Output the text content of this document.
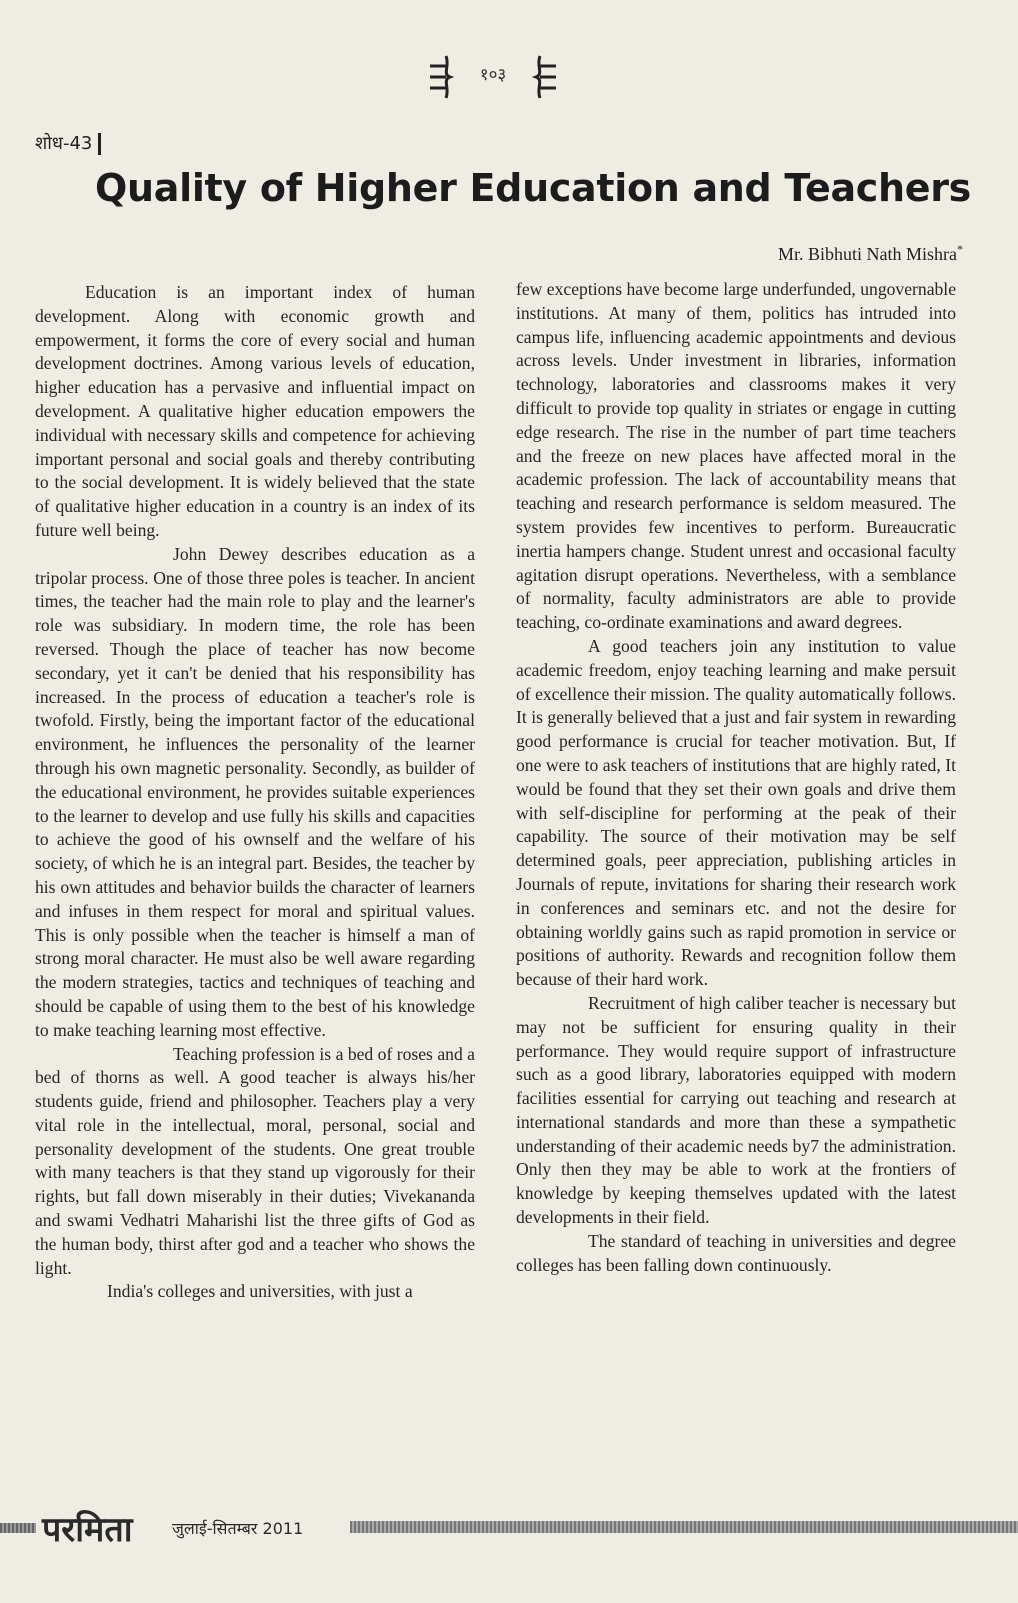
१०३
शोध-43
Quality of Higher Education and Teachers
Mr. Bibhuti Nath Mishra*

Education is an important index of human development. Along with economic growth and empowerment, it forms the core of every social and human development doctrines. Among various levels of education, higher education has a pervasive and influential impact on development. A qualitative higher education empowers the individual with necessary skills and competence for achieving important personal and social goals and thereby contributing to the social development. It is widely believed that the state of qualitative higher education in a country is an index of its future well being.

John Dewey describes education as a tripolar process. One of those three poles is teacher. In ancient times, the teacher had the main role to play and the learner's role was subsidiary. In modern time, the role has been reversed. Though the place of teacher has now become secondary, yet it can't be denied that his responsibility has increased. In the process of education a teacher's role is twofold. Firstly, being the important factor of the educational environment, he influences the personality of the learner through his own magnetic personality. Secondly, as builder of the educational environment, he provides suitable experiences to the learner to develop and use fully his skills and capacities to achieve the good of his ownself and the welfare of his society, of which he is an integral part. Besides, the teacher by his own attitudes and behavior builds the character of learners and infuses in them respect for moral and spiritual values. This is only possible when the teacher is himself a man of strong moral character. He must also be well aware regarding the modern strategies, tactics and techniques of teaching and should be capable of using them to the best of his knowledge to make teaching learning most effective.

Teaching profession is a bed of roses and a bed of thorns as well. A good teacher is always his/her students guide, friend and philosopher. Teachers play a very vital role in the intellectual, moral, personal, social and personality development of the students. One great trouble with many teachers is that they stand up vigorously for their rights, but fall down miserably in their duties; Vivekananda and swami Vedhatri Maharishi list the three gifts of God as the human body, thirst after god and a teacher who shows the light.

India's colleges and universities, with just a

few exceptions have become large underfunded, ungovernable institutions. At many of them, politics has intruded into campus life, influencing academic appointments and devious across levels. Under investment in libraries, information technology, laboratories and classrooms makes it very difficult to provide top quality in striates or engage in cutting edge research. The rise in the number of part time teachers and the freeze on new places have affected moral in the academic profession. The lack of accountability means that teaching and research performance is seldom measured. The system provides few incentives to perform. Bureaucratic inertia hampers change. Student unrest and occasional faculty agitation disrupt operations. Nevertheless, with a semblance of normality, faculty administrators are able to provide teaching, co-ordinate examinations and award degrees.

A good teachers join any institution to value academic freedom, enjoy teaching learning and make persuit of excellence their mission. The quality automatically follows. It is generally believed that a just and fair system in rewarding good performance is crucial for teacher motivation. But, If one were to ask teachers of institutions that are highly rated, It would be found that they set their own goals and drive them with self-discipline for performing at the peak of their capability. The source of their motivation may be self determined goals, peer appreciation, publishing articles in Journals of repute, invitations for sharing their research work in conferences and seminars etc. and not the desire for obtaining worldly gains such as rapid promotion in service or positions of authority. Rewards and recognition follow them because of their hard work.

Recruitment of high caliber teacher is necessary but may not be sufficient for ensuring quality in their performance. They would require support of infrastructure such as a good library, laboratories equipped with modern facilities essential for carrying out teaching and research at international standards and more than these a sympathetic understanding of their academic needs by7 the administration. Only then they may be able to work at the frontiers of knowledge by keeping themselves updated with the latest developments in their field.

The standard of teaching in universities and degree colleges has been falling down continuously.

परमिता जुलाई-सितम्बर 2011
